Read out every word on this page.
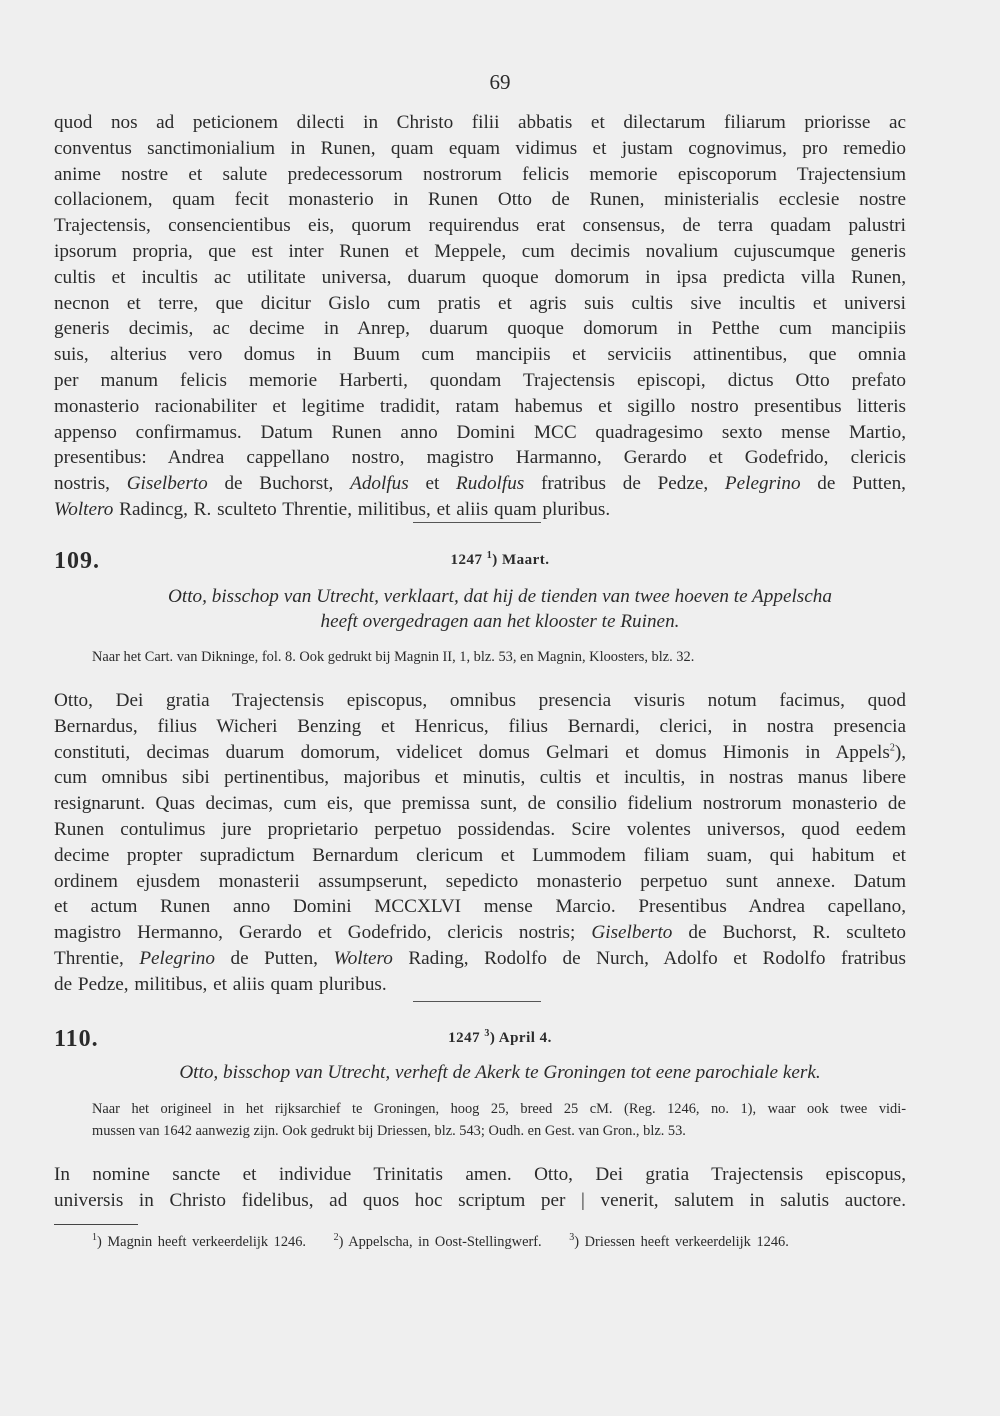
69
quod nos ad peticionem dilecti in Christo filii abbatis et dilectarum filiarum priorisse ac
conventus sanctimonialium in Runen, quam equam vidimus et justam cognovimus, pro remedio
anime nostre et salute predecessorum nostrorum felicis memorie episcoporum Trajectensium
collacionem, quam fecit monasterio in Runen Otto de Runen, ministerialis ecclesie nostre
Trajectensis, consencientibus eis, quorum requirendus erat consensus, de terra quadam palustri
ipsorum propria, que est inter Runen et Meppele, cum decimis novalium cujuscumque generis
cultis et incultis ac utilitate universa, duarum quoque domorum in ipsa predicta villa Runen,
necnon et terre, que dicitur Gislo cum pratis et agris suis cultis sive incultis et universi
generis decimis, ac decime in Anrep, duarum quoque domorum in Petthe cum mancipiis
suis, alterius vero domus in Buum cum mancipiis et serviciis attinentibus, que omnia
per manum felicis memorie Harberti, quondam Trajectensis episcopi, dictus Otto prefato
monasterio racionabiliter et legitime tradidit, ratam habemus et sigillo nostro presentibus litteris
appenso confirmamus. Datum Runen anno Domini MCC quadragesimo sexto mense Martio,
presentibus: Andrea cappellano nostro, magistro Harmanno, Gerardo et Godefrido, clericis
nostris, Giselberto de Buchorst, Adolfus et Rudolfus fratribus de Pedze, Pelegrino de Putten,
Woltero Radincg, R. sculteto Threntie, militibus, et aliis quam pluribus.
109.	1247 $^1$) Maart.
Otto, bisschop van Utrecht, verklaart, dat hij de tienden van twee hoeven te Appelscha
heeft overgedragen aan het klooster te Ruinen.
Naar het Cart. van Dikninge, fol. 8. Ook gedrukt bij Magnin II, 1, blz. 53, en Magnin, Kloosters, blz. 32.
Otto, Dei gratia Trajectensis episcopus, omnibus presencia visuris notum facimus, quod
Bernardus, filius Wicheri Benzing et Henricus, filius Bernardi, clerici, in nostra presencia
constituti, decimas duarum domorum, videlicet domus Gelmari et domus Himonis in Appels$^2$),
cum omnibus sibi pertinentibus, majoribus et minutis, cultis et incultis, in nostras manus libere
resignarunt. Quas decimas, cum eis, que premissa sunt, de consilio fidelium nostrorum monasterio de
Runen contulimus jure proprietario perpetuo possidendas. Scire volentes universos, quod eedem
decime propter supradictum Bernardum clericum et Lummodem filiam suam, qui habitum et
ordinem ejusdem monasterii assumpserunt, sepedicto monasterio perpetuo sunt annexe. Datum
et actum Runen anno Domini MCCXLVI mense Marcio. Presentibus Andrea capellano,
magistro Hermanno, Gerardo et Godefrido, clericis nostris; Giselberto de Buchorst, R. sculteto
Threntie, Pelegrino de Putten, Woltero Rading, Rodolfo de Nurch, Adolfo et Rodolfo fratribus
de Pedze, militibus, et aliis quam pluribus.
110.	1247 $^3$) April 4.
Otto, bisschop van Utrecht, verheft de Akerk te Groningen tot eene parochiale kerk.
Naar het origineel in het rijksarchief te Groningen, hoog 25, breed 25 cM. (Reg. 1246, no. 1), waar ook twee vidi-
mussen van 1642 aanwezig zijn. Ook gedrukt bij Driessen, blz. 543; Oudh. en Gest. van Gron., blz. 53.
In nomine sancte et individue Trinitatis amen. Otto, Dei gratia Trajectensis episcopus,
universis in Christo fidelibus, ad quos hoc scriptum per | venerit, salutem in salutis auctore.
$^1$) Magnin heeft verkeerdelijk 1246.	$^2$) Appelscha, in Oost-Stellingwerf.	$^3$) Driessen heeft verkeerdelijk 1246.
